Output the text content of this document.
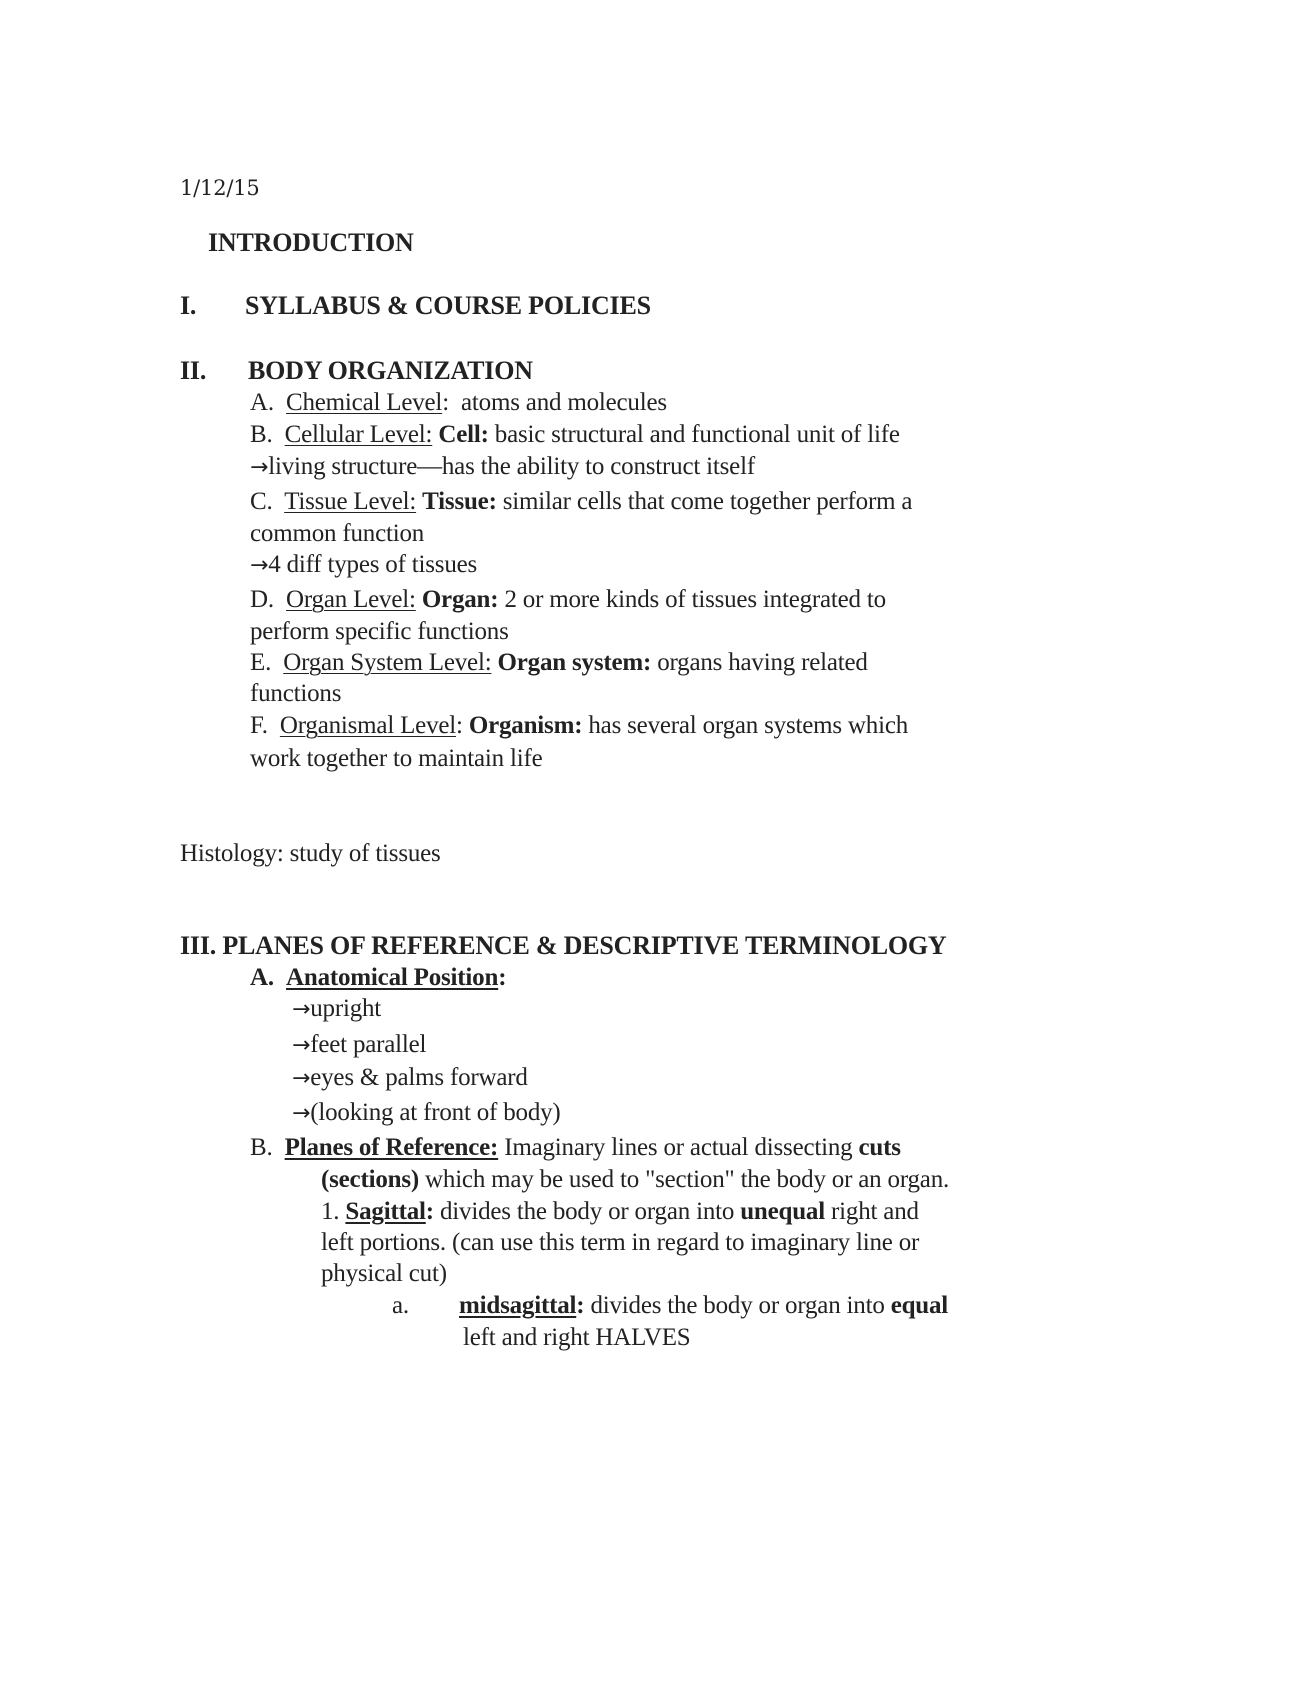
1/12/15
INTRODUCTION
I. SYLLABUS & COURSE POLICIES
II. BODY ORGANIZATION
A. Chemical Level:  atoms and molecules
B. Cellular Level: Cell: basic structural and functional unit of life
→living structure—has the ability to construct itself
C. Tissue Level: Tissue: similar cells that come together perform a
common function
→4 diff types of tissues
D. Organ Level: Organ: 2 or more kinds of tissues integrated to
perform specific functions
E. Organ System Level: Organ system: organs having related
functions
F. Organismal Level: Organism: has several organ systems which
work together to maintain life
Histology: study of tissues
III. PLANES OF REFERENCE & DESCRIPTIVE TERMINOLOGY
A. Anatomical Position:
→upright
→feet parallel
→eyes & palms forward
→(looking at front of body)
B. Planes of Reference: Imaginary lines or actual dissecting cuts
(sections) which may be used to "section" the body or an organ.
1. Sagittal: divides the body or organ into unequal right and
left portions. (can use this term in regard to imaginary line or
physical cut)
a. midsagittal: divides the body or organ into equal
left and right HALVES
